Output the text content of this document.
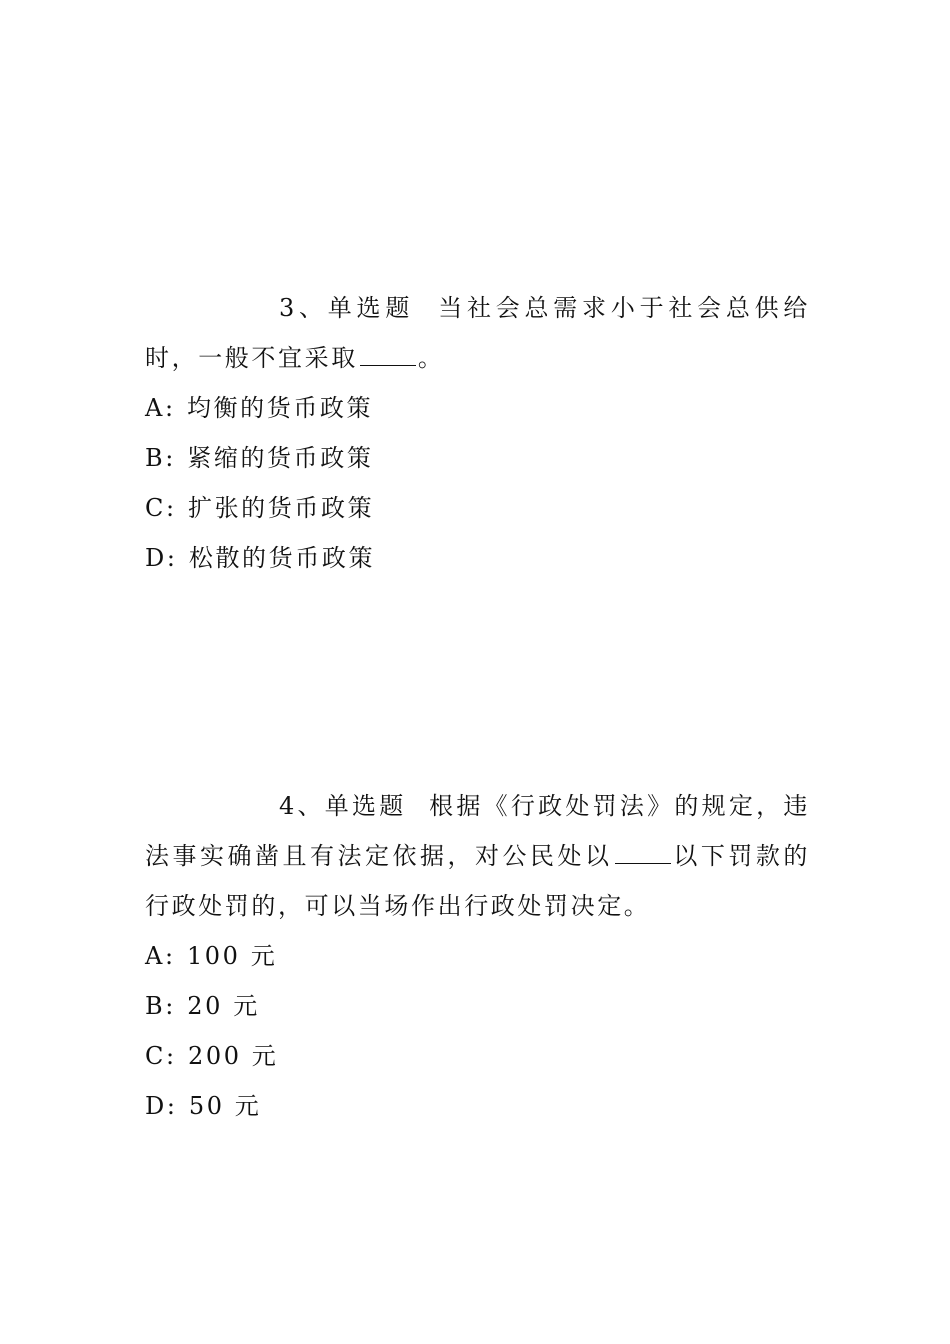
3、单选题 当社会总需求小于社会总供给时，一般不宜采取	。

A: 均衡的货币政策
B: 紧缩的货币政策
C: 扩张的货币政策
D: 松散的货币政策

4、单选题 根据《行政处罚法》的规定，违法事实确凿且有法定依据，对公民处以	以下罚款的行政处罚的，可以当场作出行政处罚决定。

A: 100 元
B: 20 元
C: 200 元
D: 50 元
